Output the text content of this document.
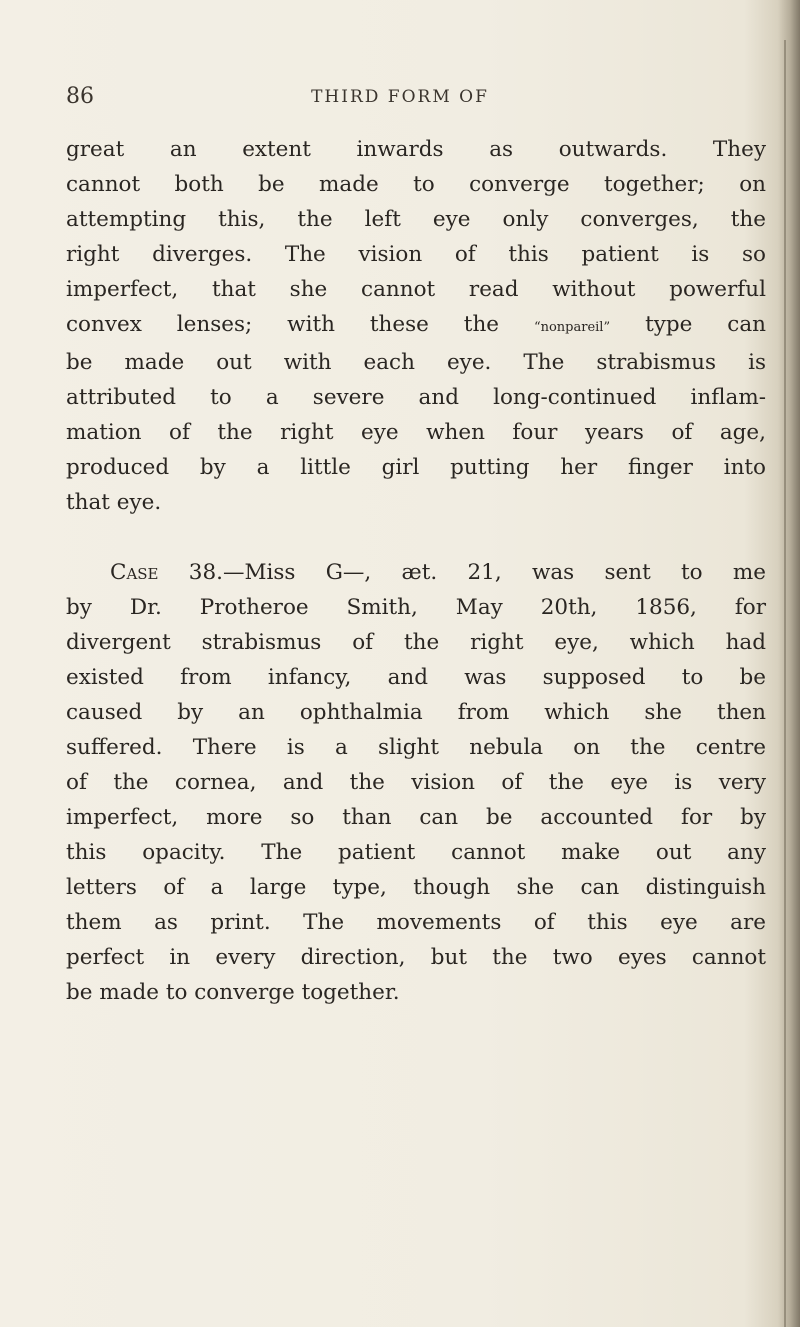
86	THIRD FORM OF
great an extent inwards as outwards. They
cannot both be made to converge together; on
attempting this, the left eye only converges, the
right diverges. The vision of this patient is so
imperfect, that she cannot read without powerful
convex lenses; with these the “nonpareil” type can
be made out with each eye. The strabismus is
attributed to a severe and long-continued inflam-
mation of the right eye when four years of age,
produced by a little girl putting her finger into
that eye.
Case 38.—Miss G—, æt. 21, was sent to me
by Dr. Protheroe Smith, May 20th, 1856, for
divergent strabismus of the right eye, which had
existed from infancy, and was supposed to be
caused by an ophthalmia from which she then
suffered. There is a slight nebula on the centre
of the cornea, and the vision of the eye is very
imperfect, more so than can be accounted for by
this opacity. The patient cannot make out any
letters of a large type, though she can distinguish
them as print. The movements of this eye are
perfect in every direction, but the two eyes cannot
be made to converge together.
